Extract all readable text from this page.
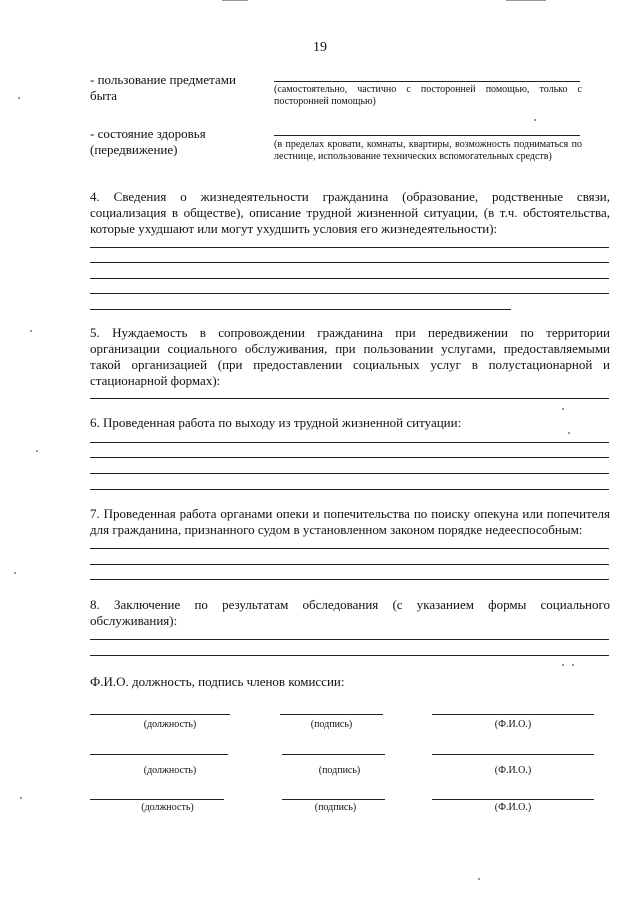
19
- пользование предметами
быта	(самостоятельно, частично с посторонней помощью, только с посторонней помощью)
- состояние здоровья
(передвижение)	(в пределах кровати, комнаты, квартиры, возможность подниматься по лестнице, использование технических вспомогательных средств)
4. Сведения о жизнедеятельности гражданина (образование, родственные связи, социализация в обществе), описание трудной жизненной ситуации, (в т.ч. обстоятельства, которые ухудшают или могут ухудшить условия его жизнедеятельности):
5. Нуждаемость в сопровождении гражданина при передвижении по территории организации социального обслуживания, при пользовании услугами, предоставляемыми такой организацией (при предоставлении социальных услуг в полустационарной и стационарной формах):
6. Проведенная работа по выходу из трудной жизненной ситуации:
7. Проведенная работа органами опеки и попечительства по поиску опекуна или попечителя для гражданина, признанного судом в установленном законом порядке недееспособным:
8. Заключение по результатам обследования (с указанием формы социального обслуживания):
Ф.И.О. должность, подпись членов комиссии:
(должность)	(подпись)	(Ф.И.О.)
(должность)	(подпись)	(Ф.И.О.)
(должность)	(подпись)	(Ф.И.О.)
